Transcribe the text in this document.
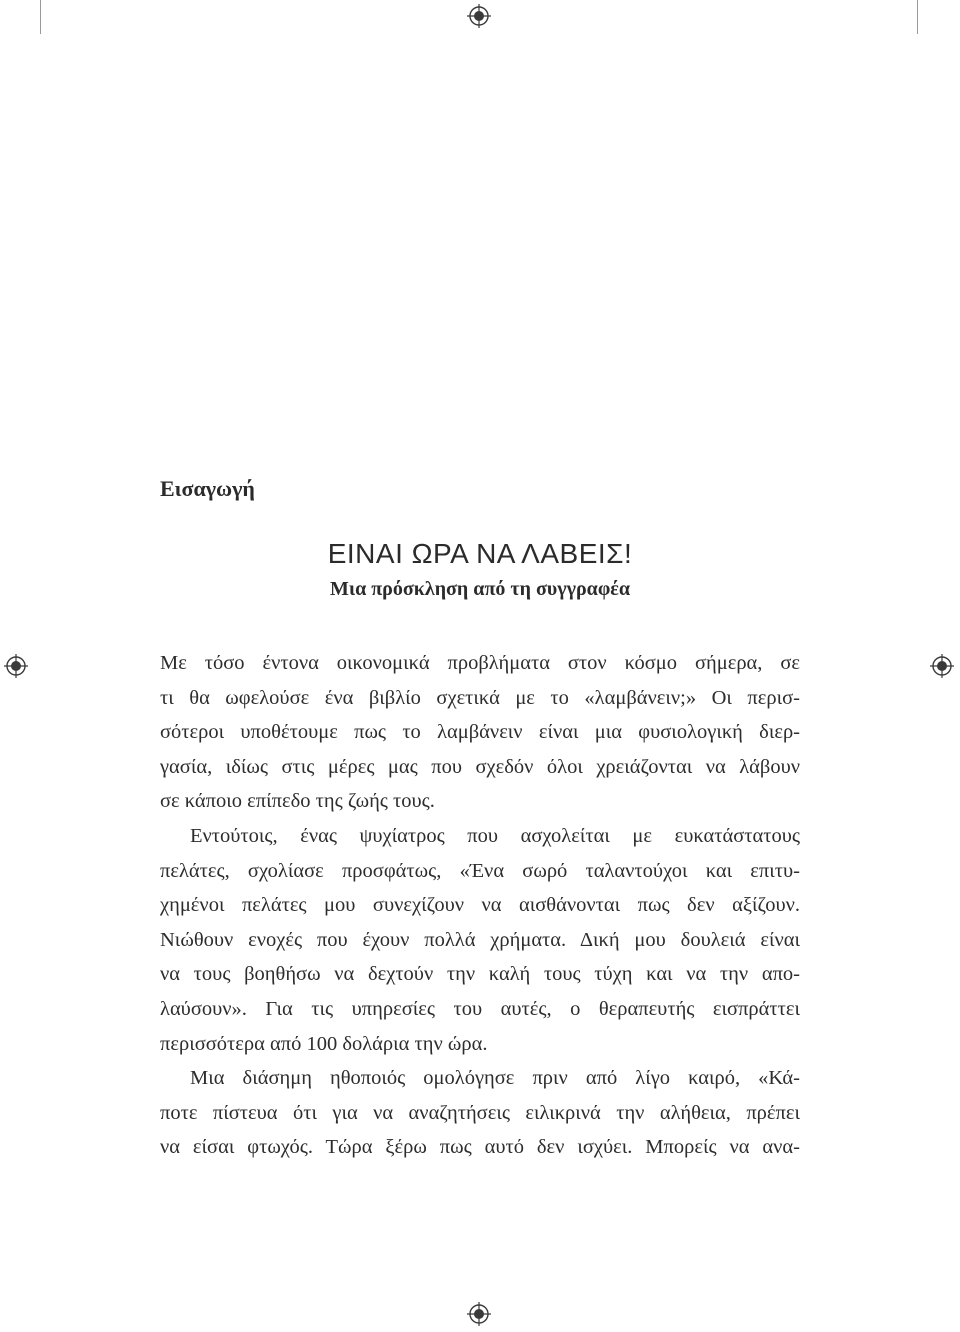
Εισαγωγή
ΕΙΝΑΙ ΩΡΑ ΝΑ ΛΑΒΕΙΣ!
Μια πρόσκληση από τη συγγραφέα
Με τόσο έντονα οικονομικά προβλήματα στον κόσμο σήμερα, σε
τι θα ωφελούσε ένα βιβλίο σχετικά με το «λαμβάνειν;» Οι περισ-
σότεροι υποθέτουμε πως το λαμβάνειν είναι μια φυσιολογική διερ-
γασία, ιδίως στις μέρες μας που σχεδόν όλοι χρειάζονται να λάβουν
σε κάποιο επίπεδο της ζωής τους.
Εντούτοις, ένας ψυχίατρος που ασχολείται με ευκατάστατους
πελάτες, σχολίασε προσφάτως, «Ένα σωρό ταλαντούχοι και επιτυ-
χημένοι πελάτες μου συνεχίζουν να αισθάνονται πως δεν αξίζουν.
Νιώθουν ενοχές που έχουν πολλά χρήματα. Δική μου δουλειά είναι
να τους βοηθήσω να δεχτούν την καλή τους τύχη και να την απο-
λαύσουν». Για τις υπηρεσίες του αυτές, ο θεραπευτής εισπράττει
περισσότερα από 100 δολάρια την ώρα.
Μια διάσημη ηθοποιός ομολόγησε πριν από λίγο καιρό, «Κά-
ποτε πίστευα ότι για να αναζητήσεις ειλικρινά την αλήθεια, πρέπει
να είσαι φτωχός. Τώρα ξέρω πως αυτό δεν ισχύει. Μπορείς να ανα-
